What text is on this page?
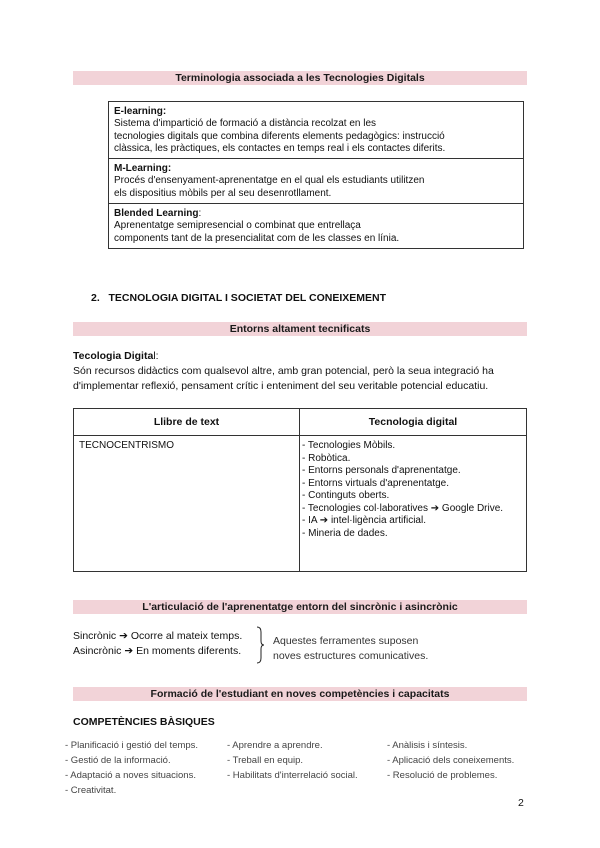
Terminologia associada a les Tecnologies Digitals
E-learning:
Sistema d'impartició de formació a distància recolzat en les
tecnologies digitals que combina diferents elements pedagògics: instrucció
clàssica, les pràctiques, els contactes en temps real i els contactes diferits.
M-Learning:
Procés d'ensenyament-aprenentatge en el qual els estudiants utilitzen
els dispositius mòbils per al seu desenrotllament.
Blended Learning:
Aprenentatge semipresencial o combinat que entrellaça
components tant de la presencialitat com de les classes en línia.
2.   TECNOLOGIA DIGITAL I SOCIETAT DEL CONEIXEMENT
Entorns altament tecnificats
Tecologia Digital:
Són recursos didàctics com qualsevol altre, amb gran potencial, però la seua integració ha
d'implementar reflexió, pensament crític i enteniment del seu veritable potencial educatiu.
Llibre de text	Tecnologia digital
TECNOCENTRISMO	- Tecnologies Mòbils.
- Robòtica.
- Entorns personals d'aprenentatge.
- Entorns virtuals d'aprenentatge.
- Continguts oberts.
- Tecnologies col·laboratives ➔ Google Drive.
- IA ➔ intel·ligència artificial.
- Mineria de dades.
L'articulació de l'aprenentatge entorn del sincrònic i asincrònic
Sincrònic ➔ Ocorre al mateix temps.
Asincrònic ➔ En moments diferents.
Aquestes ferramentes suposen
noves estructures comunicatives.
Formació de l'estudiant en noves competències i capacitats
COMPETÈNCIES BÀSIQUES
- Planificació i gestió del temps.
- Gestió de la informació.
- Adaptació a noves situacions.
- Creativitat.
- Aprendre a aprendre.
- Treball en equip.
- Habilitats d'interrelació social.
- Anàlisis i síntesis.
- Aplicació dels coneixements.
- Resolució de problemes.
2
